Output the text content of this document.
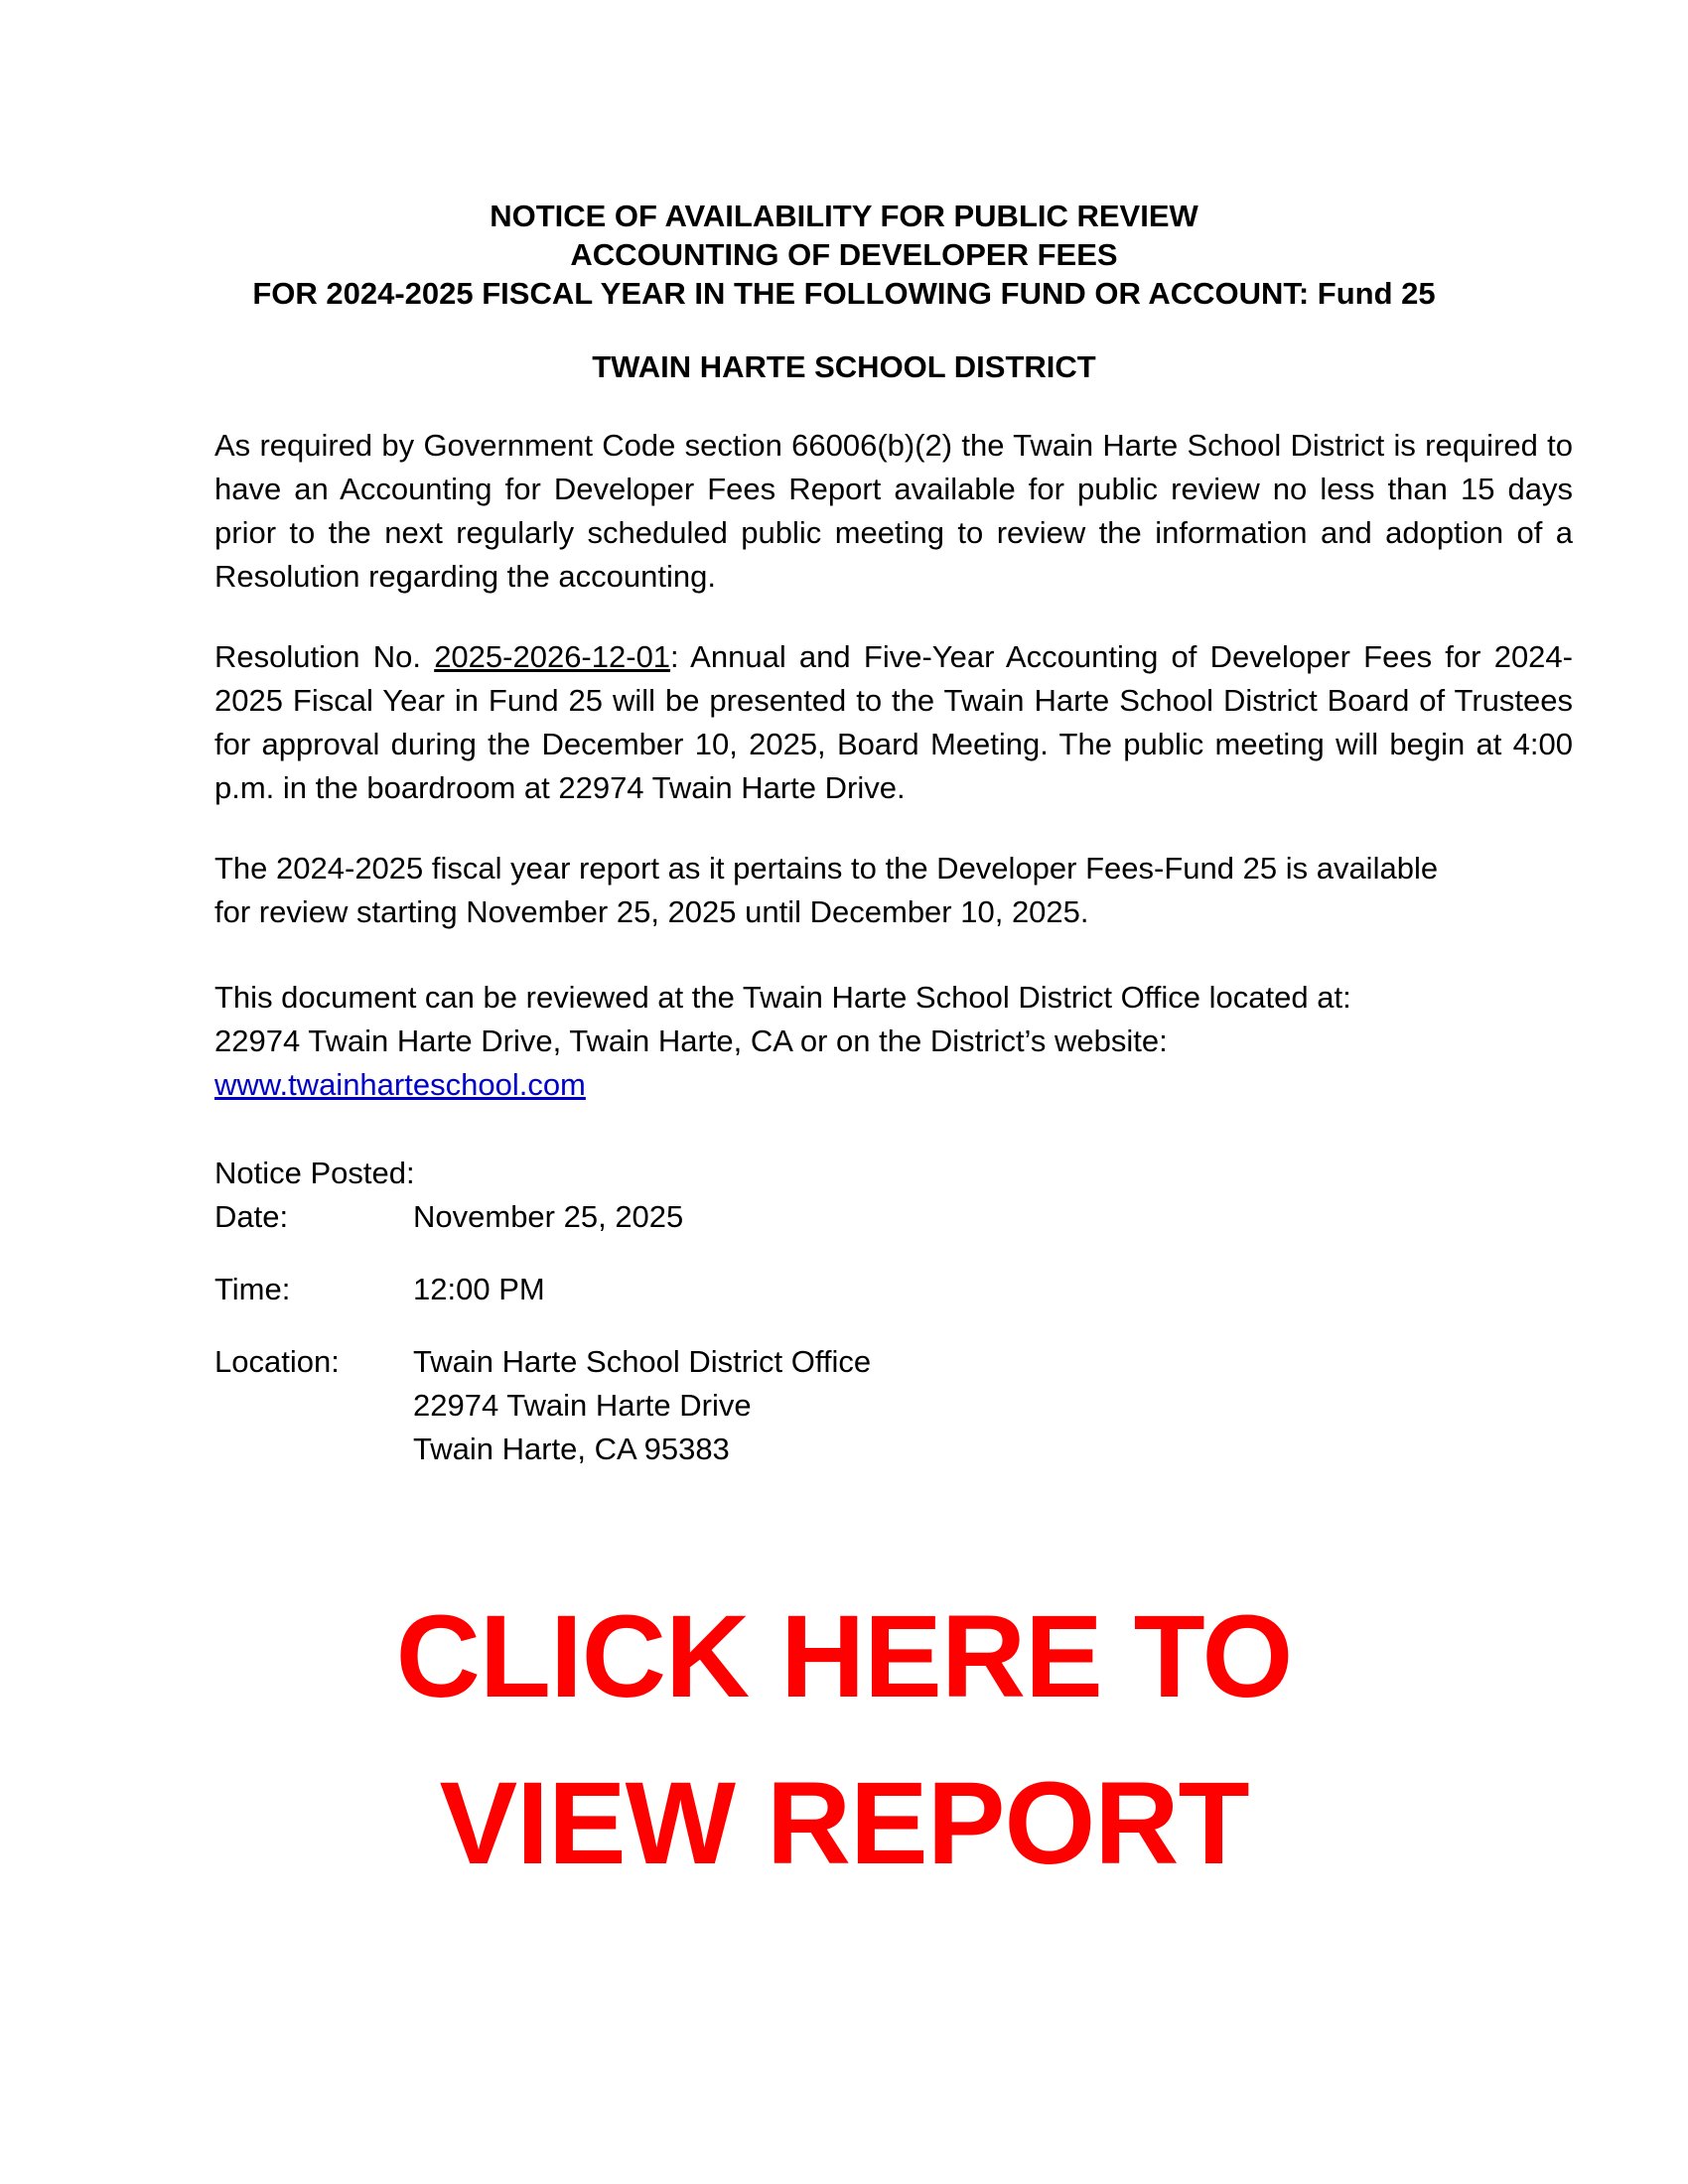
NOTICE OF AVAILABILITY FOR PUBLIC REVIEW
ACCOUNTING OF DEVELOPER FEES
FOR 2024-2025 FISCAL YEAR IN THE FOLLOWING FUND OR ACCOUNT: Fund 25
TWAIN HARTE SCHOOL DISTRICT

As required by Government Code section 66006(b)(2) the Twain Harte School District is required to have an Accounting for Developer Fees Report available for public review no less than 15 days prior to the next regularly scheduled public meeting to review the information and adoption of a Resolution regarding the accounting.

Resolution No. 2025-2026-12-01: Annual and Five-Year Accounting of Developer Fees for 2024-2025 Fiscal Year in Fund 25 will be presented to the Twain Harte School District Board of Trustees for approval during the December 10, 2025, Board Meeting. The public meeting will begin at 4:00 p.m. in the boardroom at 22974 Twain Harte Drive.

The 2024-2025 fiscal year report as it pertains to the Developer Fees-Fund 25 is available
for review starting November 25, 2025 until December 10, 2025.
This document can be reviewed at the Twain Harte School District Office located at:
22974 Twain Harte Drive, Twain Harte, CA or on the District’s website:
www.twainharteschool.com
Notice Posted:
Date:	November 25, 2025
Time:	12:00 PM
Location: Twain Harte School District Office
22974 Twain Harte Drive
Twain Harte, CA 95383
CLICK HERE TO
VIEW REPORT
